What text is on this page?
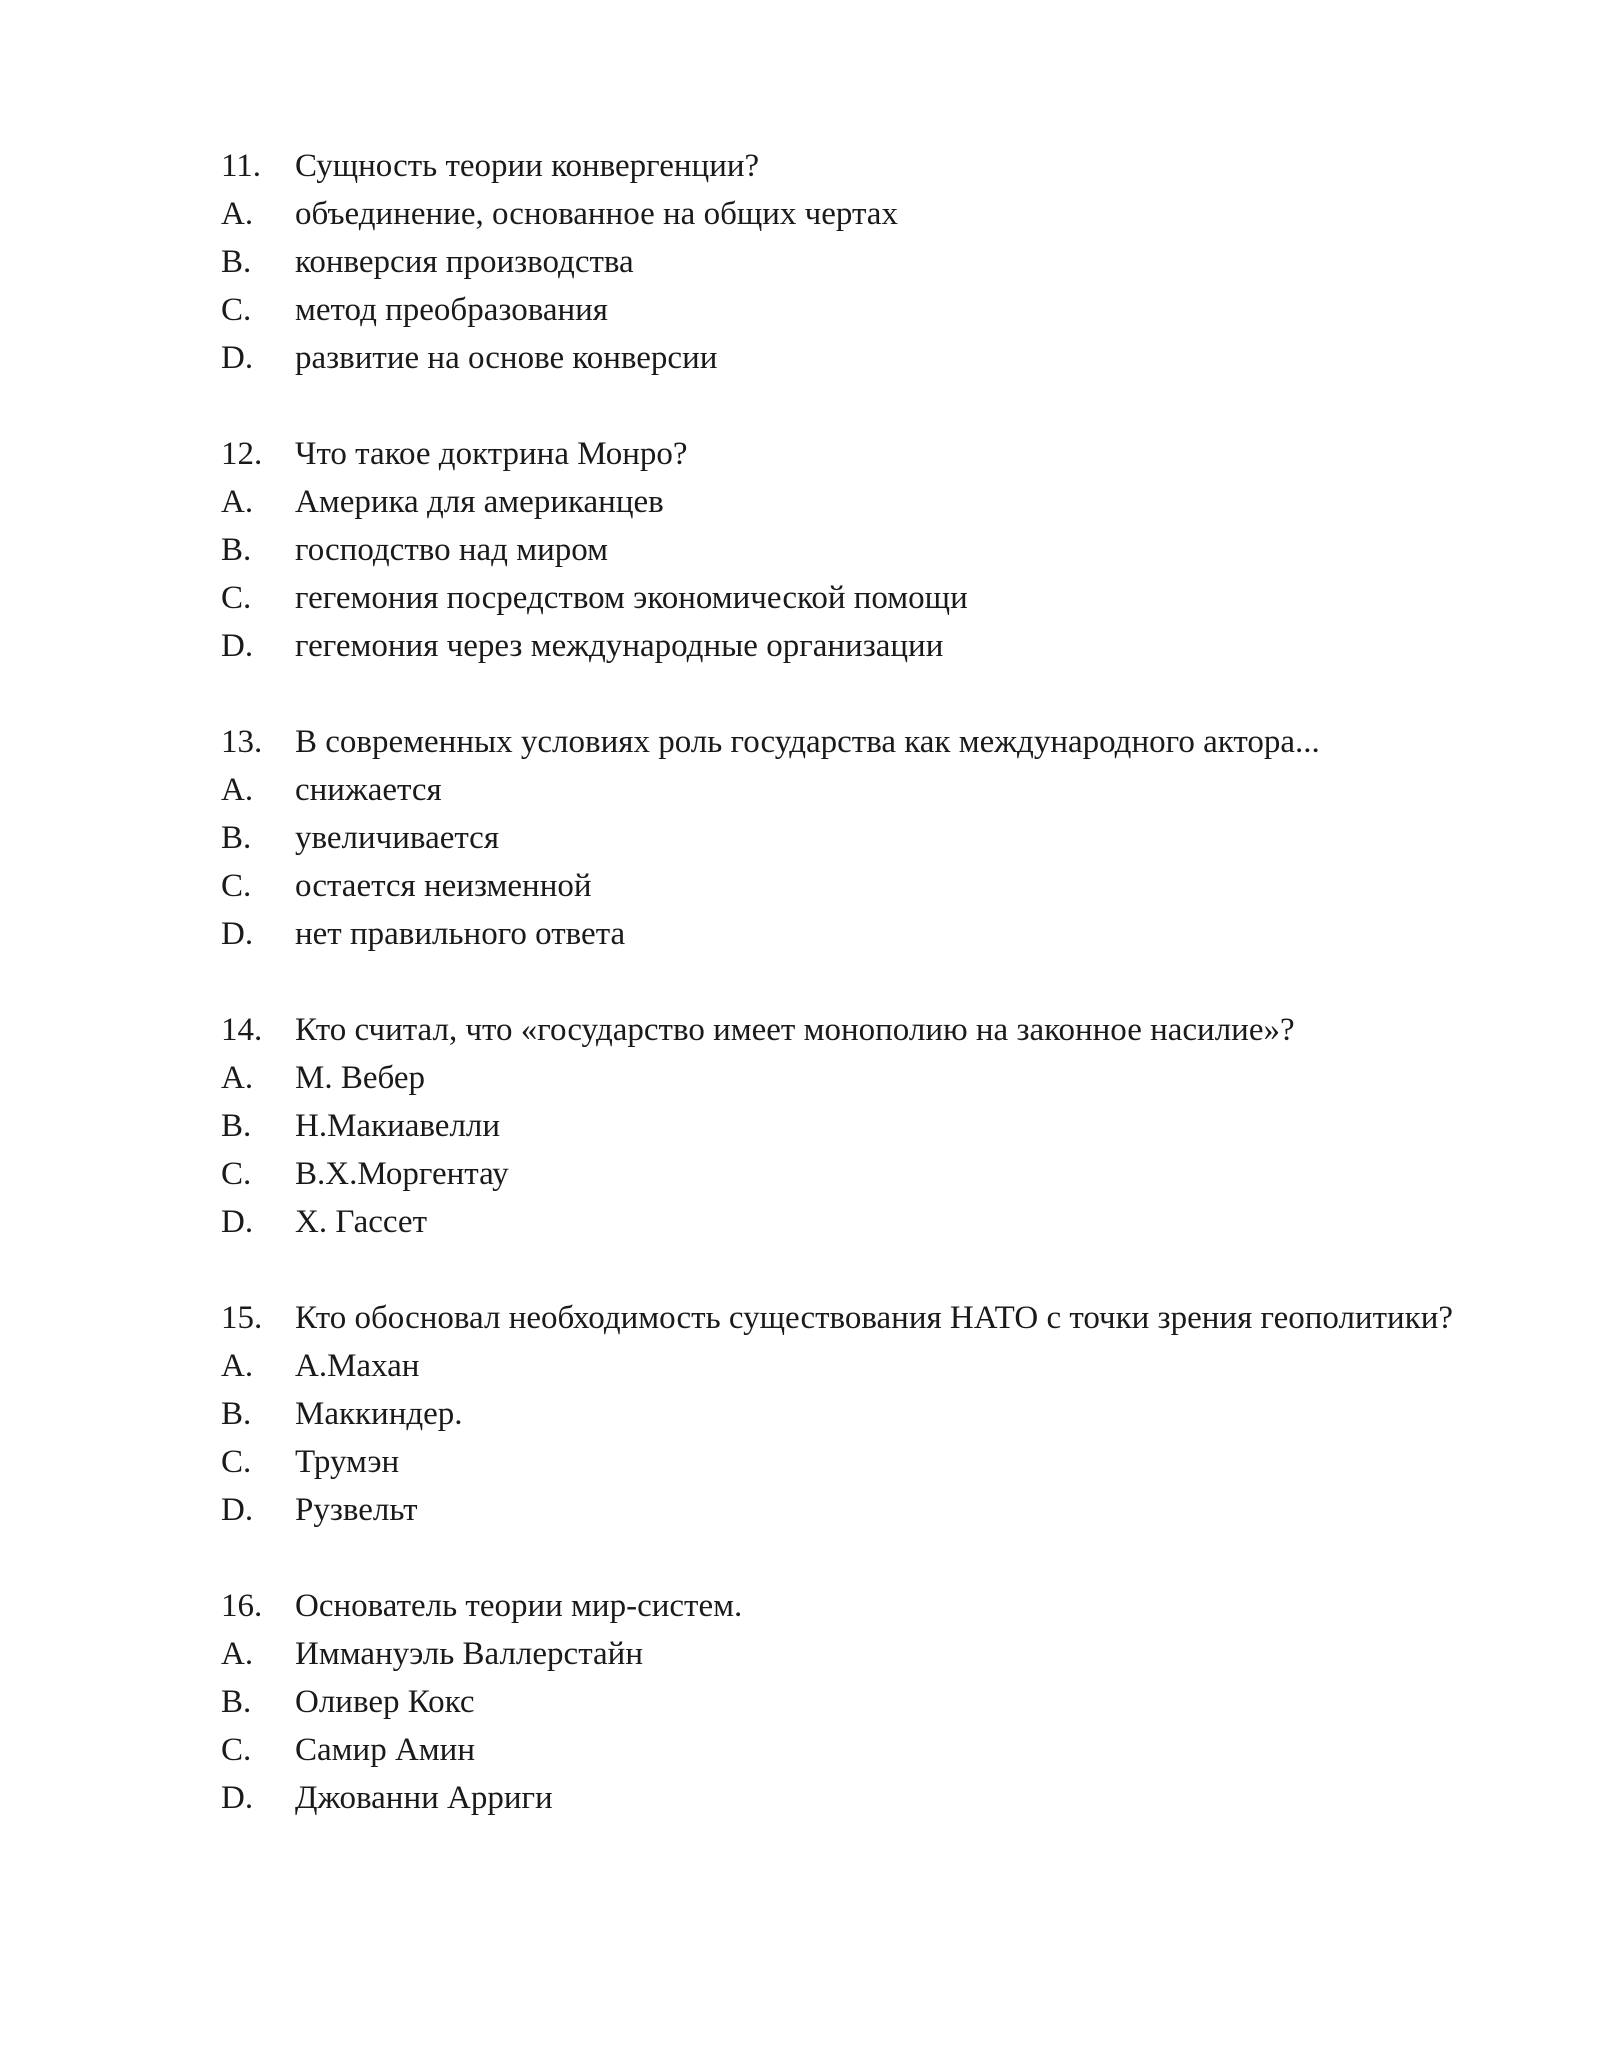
11.	Сущность теории конвергенции?
A.	объединение, основанное на общих чертах
B.	конверсия производства
C.	метод преобразования
D.	развитие на основе конверсии
12. Что такое доктрина Монро?
A.	Америка для американцев
B.	господство над миром
C.	гегемония посредством экономической помощи
D.	гегемония через международные организации
13. В современных условиях роль государства как международного актора...
A.	снижается
B.	увеличивается
C.	остается неизменной
D.	нет правильного ответа
14. Кто считал, что «государство имеет монополию на законное насилие»?
A.	М. Вебер
B.	Н.Макиавелли
C.	В.Х.Моргентау
D.	Х. Гассет
15. Кто обосновал необходимость существования НАТО с точки зрения геополитики?
A.	А.Махан
B.	Маккиндер.
C.	Трумэн
D.	Рузвельт
16. Основатель теории мир-систем.
A.	Иммануэль Валлерстайн
B.	Оливер Кокс
C.	Самир Амин
D.	Джованни Арриги
